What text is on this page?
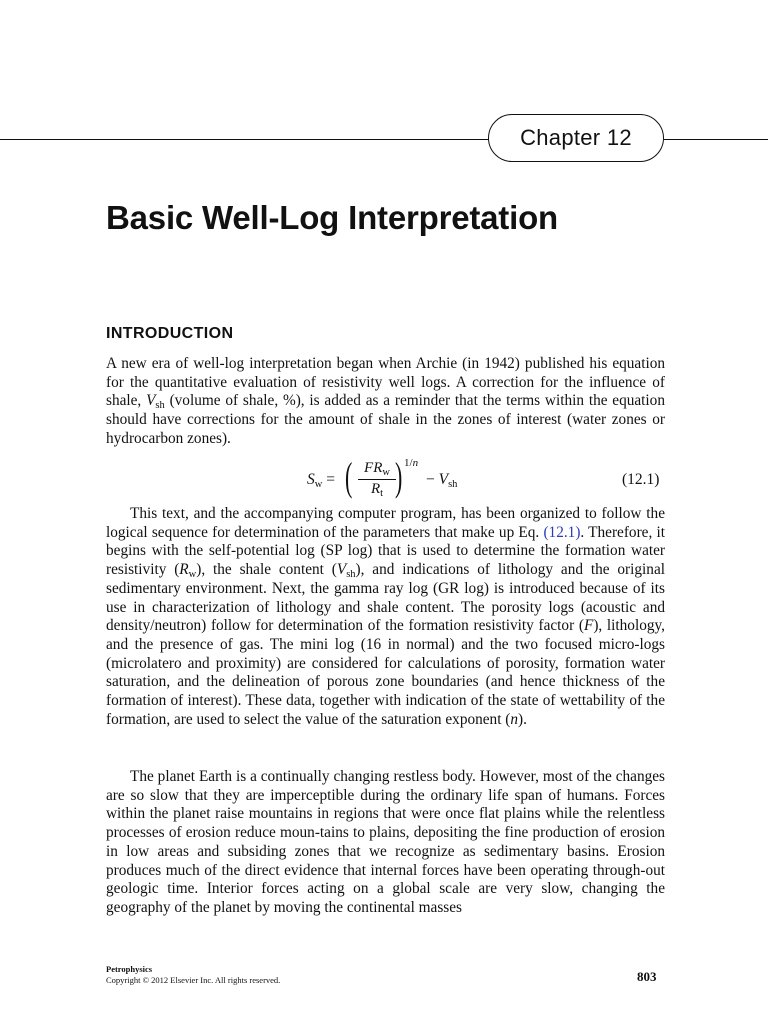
Chapter 12
Basic Well-Log Interpretation
INTRODUCTION

A new era of well-log interpretation began when Archie (in 1942) published his equation for the quantitative evaluation of resistivity well logs. A correction for the influence of shale, $V_{sh}$ (volume of shale, %), is added as a reminder that the terms within the equation should have corrections for the amount of shale in the zones of interest (water zones or hydrocarbon zones).

$S_w$ = ( $FR_w$
$R_t$ ) 1/n
− $V_{sh}$	(12.1)

This text, and the accompanying computer program, has been organized to follow the logical sequence for determination of the parameters that make up Eq. (12.1). Therefore, it begins with the self-potential log (SP log) that is used to determine the formation water resistivity $(R_w)$, the shale content $(V_{sh})$, and indications of lithology and the original sedimentary environment. Next, the gamma ray log (GR log) is introduced because of its use in characterization of lithology and shale content. The porosity logs (acoustic and density/neutron) follow for determination of the formation resistivity factor (F), lithology, and the presence of gas. The mini log (16 in normal) and the two focused micro-logs (microlatero and proximity) are considered for calculations of porosity, formation water saturation, and the delineation of porous zone boundaries (and hence thickness of the formation of interest). These data, together with indication of the state of wettability of the formation, are used to select the value of the saturation exponent (n).

The planet Earth is a continually changing restless body. However, most of the changes are so slow that they are imperceptible during the ordinary life span of humans. Forces within the planet raise mountains in regions that were once flat plains while the relentless processes of erosion reduce moun-tains to plains, depositing the fine production of erosion in low areas and subsiding zones that we recognize as sedimentary basins. Erosion produces much of the direct evidence that internal forces have been operating through-out geologic time. Interior forces acting on a global scale are very slow, changing the geography of the planet by moving the continental masses

Petrophysics
Copyright © 2012 Elsevier Inc. All rights reserved.	803
